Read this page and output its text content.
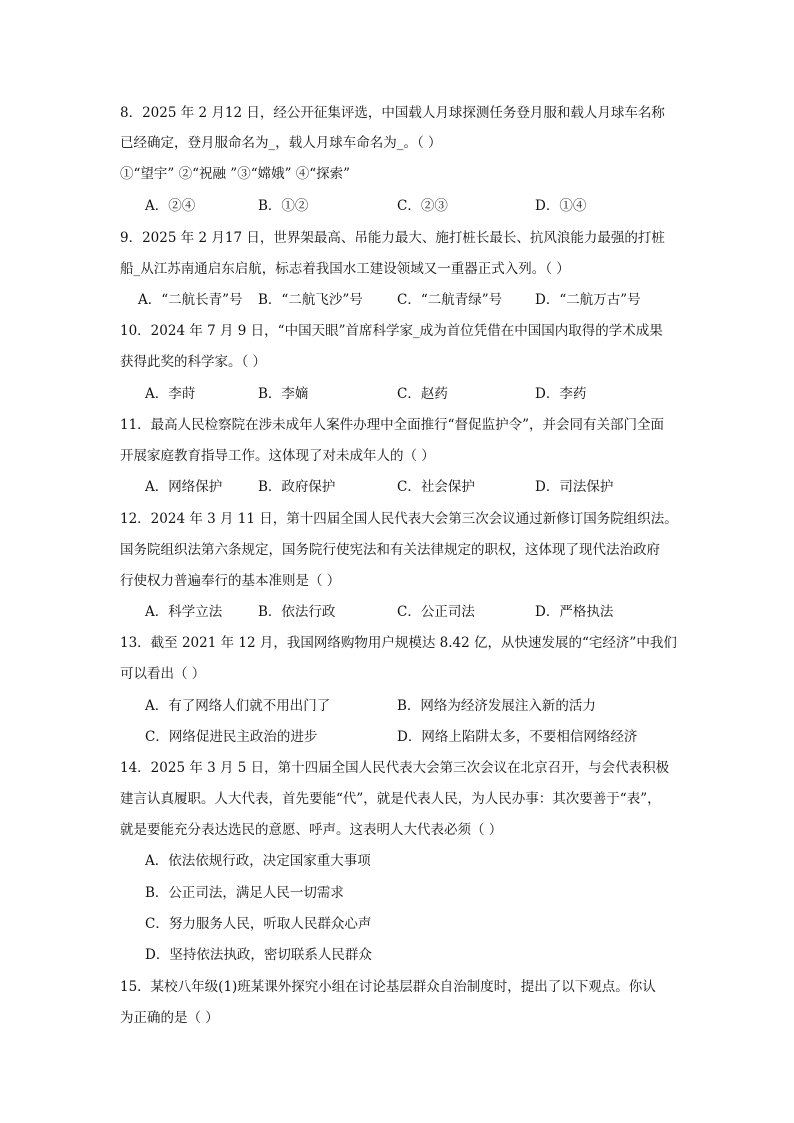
8．2025 年 2 月12 日，经公开征集评选，中国载人月球探测任务登月服和载人月球车名称
已经确定，登月服命名为_，载人月球车命名为_。（ ）
①“望宇” ②“祝融 ”③“嫦娥” ④“探索”
A．②④	B．①②	C．②③	D．①④
9．2025 年 2 月17 日，世界架最高、吊能力最大、施打桩长最长、抗风浪能力最强的打桩
船_从江苏南通启东启航，标志着我国水工建设领域又一重器正式入列。（ ）
A．“二航长青”号 B．“二航飞沙”号	C．“二航青绿”号 D．“二航万古”号
10．2024 年 7 月 9 日，“中国天眼”首席科学家_成为首位凭借在中国国内取得的学术成果
获得此奖的科学家。（ ）
A．李莳	B．李嫡	C．赵药	D．李药
11．最高人民检察院在涉未成年人案件办理中全面推行“督促监护令”，并会同有关部门全面
开展家庭教育指导工作。这体现了对未成年人的（ ）
A．网络保护	B．政府保护	C．社会保护	D．司法保护
12．2024 年 3 月 11 日，第十四届全国人民代表大会第三次会议通过新修订国务院组织法。
国务院组织法第六条规定，国务院行使宪法和有关法律规定的职权，这体现了现代法治政府
行使权力普遍奉行的基本准则是（ ）
A．科学立法	B．依法行政	C．公正司法	D．严格执法
13．截至 2021 年 12 月，我国网络购物用户规模达 8.42 亿，从快速发展的“宅经济”中我们
可以看出（ ）
A．有了网络人们就不用出门了	B．网络为经济发展注入新的活力
C．网络促进民主政治的进步	D．网络上陷阱太多，不要相信网络经济
14．2025 年 3 月 5 日，第十四届全国人民代表大会第三次会议在北京召开，与会代表积极
建言认真履职。人大代表，首先要能“代”，就是代表人民，为人民办事：其次要善于“表”，
就是要能充分表达选民的意愿、呼声。这表明人大代表必须（ ）
A．依法依规行政，决定国家重大事项
B．公正司法，满足人民一切需求
C．努力服务人民，听取人民群众心声
D．坚持依法执政，密切联系人民群众
15．某校八年级(1)班某课外探究小组在讨论基层群众自治制度时，提出了以下观点。你认
为正确的是（ ）
